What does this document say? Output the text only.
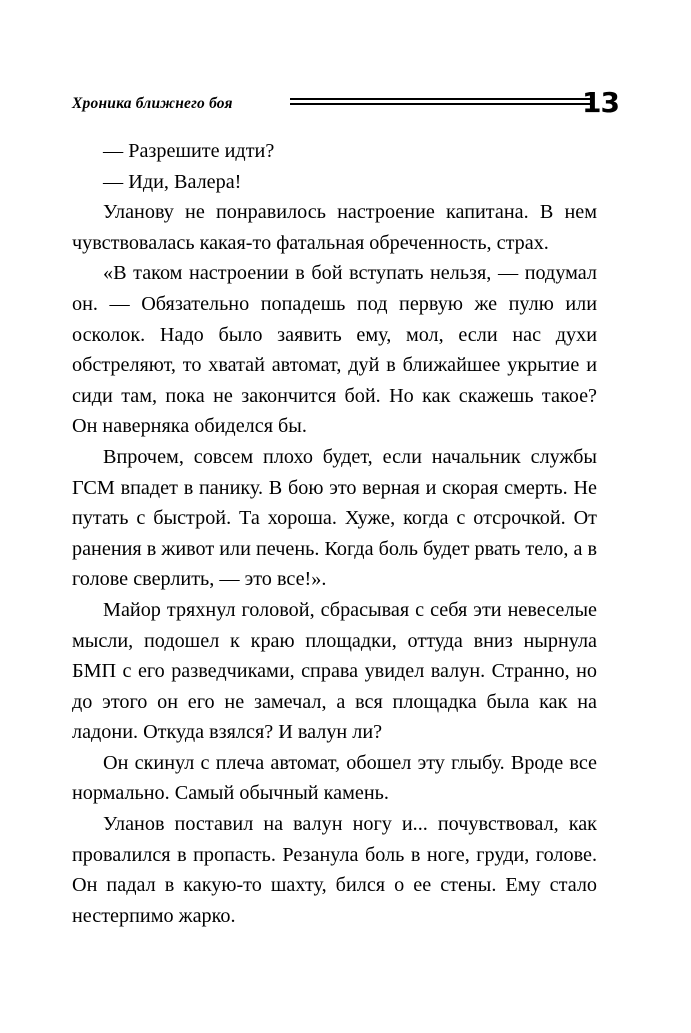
Хроника ближнего боя	13

— Разрешите идти?

— Иди, Валера!

Уланову не понравилось настроение капитана. В нем чувствовалась какая-то фатальная обреченность, страх.

«В таком настроении в бой вступать нельзя, — подумал он. — Обязательно попадешь под первую же пулю или осколок. Надо было заявить ему, мол, если нас духи обстреляют, то хватай автомат, дуй в ближайшее укрытие и сиди там, пока не закончится бой. Но как скажешь такое? Он наверняка обиделся бы.

Впрочем, совсем плохо будет, если начальник службы ГСМ впадет в панику. В бою это верная и скорая смерть. Не путать с быстрой. Та хороша. Хуже, когда с отсрочкой. От ранения в живот или печень. Когда боль будет рвать тело, а в голове сверлить, — это все!».

Майор тряхнул головой, сбрасывая с себя эти невеселые мысли, подошел к краю площадки, оттуда вниз нырнула БМП с его разведчиками, справа увидел валун. Странно, но до этого он его не замечал, а вся площадка была как на ладони. Откуда взялся? И валун ли?

Он скинул с плеча автомат, обошел эту глыбу. Вроде все нормально. Самый обычный камень.

Уланов поставил на валун ногу и... почувствовал, как провалился в пропасть. Резанула боль в ноге, груди, голове. Он падал в какую-то шахту, бился о ее стены. Ему стало нестерпимо жарко.
